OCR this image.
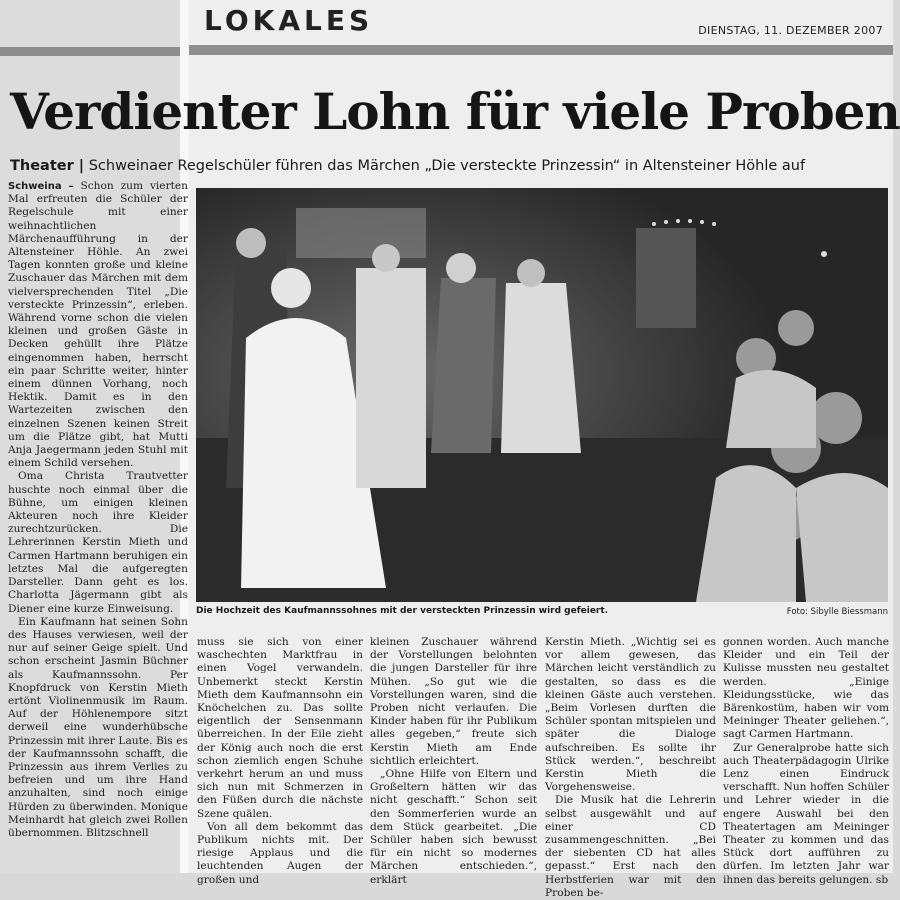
LOKALES	DIENSTAG, 11. DEZEMBER 2007
Verdienter Lohn für viele Proben
Theater | Schweinaer Regelschüler führen das Märchen „Die versteckte Prinzessin“ in Altensteiner Höhle auf
Die Hochzeit des Kaufmannssohnes mit der versteckten Prinzessin wird gefeiert.	Foto: Sibylle Biessmann

Schweina – Schon zum vierten Mal erfreuten die Schüler der Regelschule mit einer weihnachtlichen Märchenaufführung in der Altensteiner Höhle. An zwei Tagen konnten große und kleine Zuschauer das Märchen mit dem vielversprechenden Titel „Die versteckte Prinzessin“, erleben. Während vorne schon die vielen kleinen und großen Gäste in Decken gehüllt ihre Plätze eingenommen haben, herrscht ein paar Schritte weiter, hinter einem dünnen Vorhang, noch Hektik. Damit es in den Wartezeiten zwischen den einzelnen Szenen keinen Streit um die Plätze gibt, hat Mutti Anja Jaegermann jeden Stuhl mit einem Schild versehen.

Oma Christa Trautvetter huschte noch einmal über die Bühne, um einigen kleinen Akteuren noch ihre Kleider zurechtzurücken. Die Lehrerinnen Kerstin Mieth und Carmen Hartmann beruhigen ein letztes Mal die aufgeregten Darsteller. Dann geht es los. Charlotta Jägermann gibt als Diener eine kurze Einweisung.

Ein Kaufmann hat seinen Sohn des Hauses verwiesen, weil der nur auf seiner Geige spielt. Und schon erscheint Jasmin Büchner als Kaufmannssohn. Per Knopfdruck von Kerstin Mieth ertönt Violinenmusik im Raum. Auf der Höhlenempore sitzt derweil eine wunderhübsche Prinzessin mit ihrer Laute. Bis es der Kaufmannssohn schafft, die Prinzessin aus ihrem Verlies zu befreien und um ihre Hand anzuhalten, sind noch einige Hürden zu überwinden. Monique Meinhardt hat gleich zwei Rollen übernommen. Blitzschnell

muss sie sich von einer waschechten Marktfrau in einen Vogel verwandeln. Unbemerkt steckt Kerstin Mieth dem Kaufmannsohn ein Knöchelchen zu. Das sollte eigentlich der Sensenmann überreichen. In der Eile zieht der König auch noch die erst schon ziemlich engen Schuhe verkehrt herum an und muss sich nun mit Schmerzen in den Füßen durch die nächste Szene quälen.

Von all dem bekommt das Publikum nichts mit. Der riesige Applaus und die leuchtenden Augen der großen und

kleinen Zuschauer während der Vorstellungen belohnten die jungen Darsteller für ihre Mühen. „So gut wie die Vorstellungen waren, sind die Proben nicht verlaufen. Die Kinder haben für ihr Publikum alles gegeben,“ freute sich Kerstin Mieth am Ende sichtlich erleichtert.

„Ohne Hilfe von Eltern und Großeltern hätten wir das nicht geschafft.“ Schon seit den Sommerferien wurde an dem Stück gearbeitet. „Die Schüler haben sich bewusst für ein nicht so modernes Märchen entschieden.“, erklärt

Kerstin Mieth. „Wichtig sei es vor allem gewesen, das Märchen leicht verständlich zu gestalten, so dass es die kleinen Gäste auch verstehen. „Beim Vorlesen durften die Schüler spontan mitspielen und später die Dialoge aufschreiben. Es sollte ihr Stück werden.“, beschreibt Kerstin Mieth die Vorgehensweise.

Die Musik hat die Lehrerin selbst ausgewählt und auf einer CD zusammengeschnitten. „Bei der siebenten CD hat alles gepasst.“ Erst nach den Herbstferien war mit den Proben be-

gonnen worden. Auch manche Kleider und ein Teil der Kulisse mussten neu gestaltet werden. „Einige Kleidungsstücke, wie das Bärenkostüm, haben wir vom Meininger Theater geliehen.“, sagt Carmen Hartmann.

Zur Generalprobe hatte sich auch Theaterpädagogin Ulrike Lenz einen Eindruck verschafft. Nun hoffen Schüler und Lehrer wieder in die engere Auswahl bei den Theatertagen am Meininger Theater zu kommen und das Stück dort aufführen zu dürfen. Im letzten Jahr war ihnen das bereits gelungen. sb
